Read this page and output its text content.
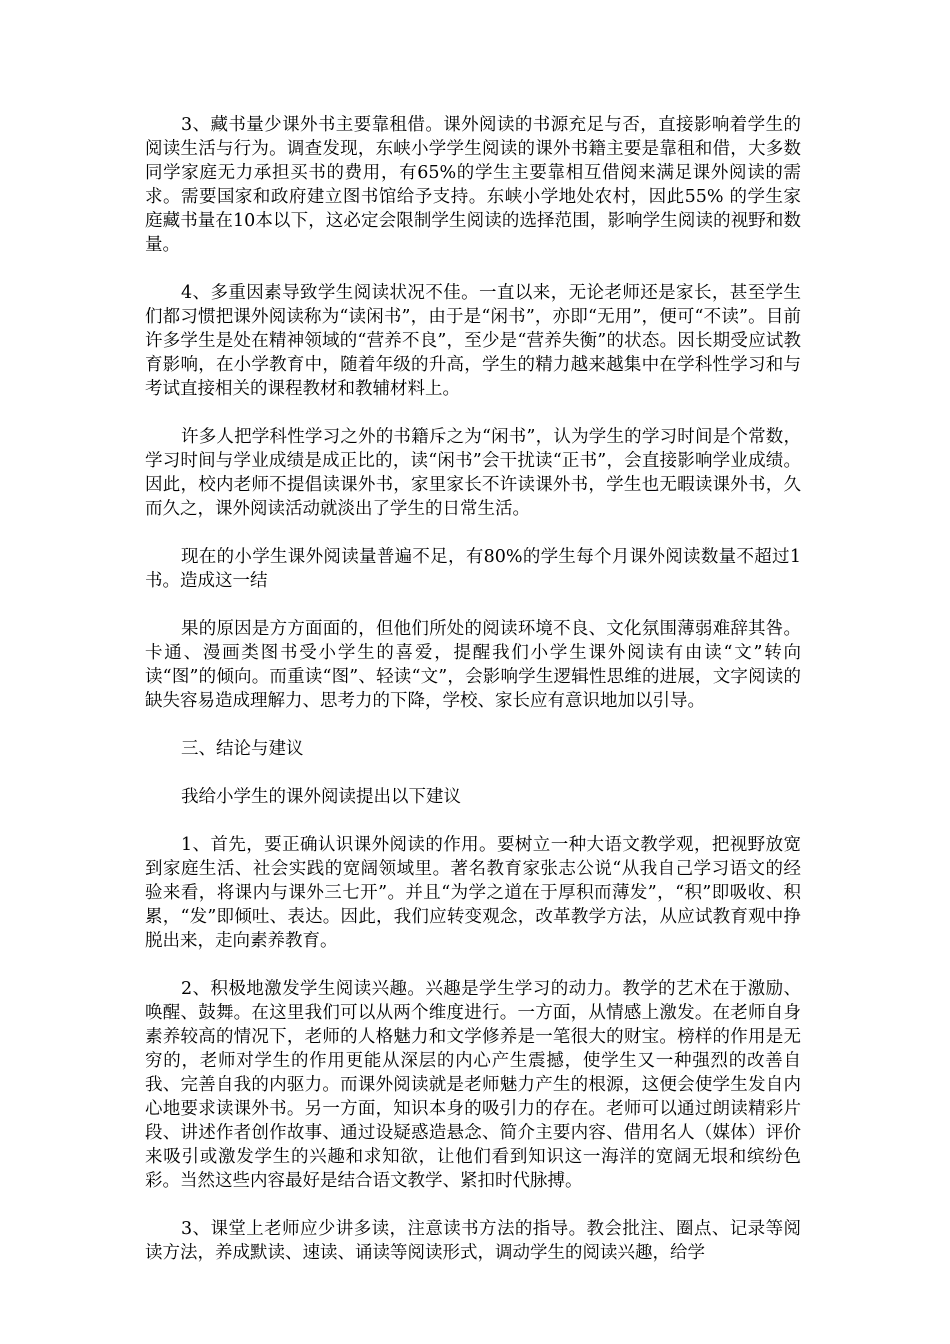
3、藏书量少课外书主要靠租借。课外阅读的书源充足与否，直接影响着学生的阅读生活与行为。调查发现，东峡小学学生阅读的课外书籍主要是靠租和借，大多数同学家庭无力承担买书的费用，有65%的学生主要靠相互借阅来满足课外阅读的需求。需要国家和政府建立图书馆给予支持。东峡小学地处农村，因此55% 的学生家庭藏书量在10本以下，这必定会限制学生阅读的选择范围，影响学生阅读的视野和数量。

4、多重因素导致学生阅读状况不佳。一直以来，无论老师还是家长，甚至学生们都习惯把课外阅读称为“读闲书”，由于是“闲书”，亦即“无用”，便可“不读”。目前许多学生是处在精神领域的“营养不良”，至少是“营养失衡”的状态。因长期受应试教育影响，在小学教育中，随着年级的升高，学生的精力越来越集中在学科性学习和与考试直接相关的课程教材和教辅材料上。

许多人把学科性学习之外的书籍斥之为“闲书”，认为学生的学习时间是个常数，学习时间与学业成绩是成正比的，读“闲书”会干扰读“正书”，会直接影响学业成绩。因此，校内老师不提倡读课外书，家里家长不许读课外书，学生也无暇读课外书，久而久之，课外阅读活动就淡出了学生的日常生活。

现在的小学生课外阅读量普遍不足，有80%的学生每个月课外阅读数量不超过1书。造成这一结

果的原因是方方面面的，但他们所处的阅读环境不良、文化氛围薄弱难辞其咎。卡通、漫画类图书受小学生的喜爱，提醒我们小学生课外阅读有由读“文”转向读“图”的倾向。而重读“图”、轻读“文”，会影响学生逻辑性思维的进展，文字阅读的缺失容易造成理解力、思考力的下降，学校、家长应有意识地加以引导。

三、结论与建议

我给小学生的课外阅读提出以下建议

1、首先，要正确认识课外阅读的作用。要树立一种大语文教学观，把视野放宽到家庭生活、社会实践的宽阔领域里。著名教育家张志公说“从我自己学习语文的经验来看，将课内与课外三七开”。并且“为学之道在于厚积而薄发”，“积”即吸收、积累，“发”即倾吐、表达。因此，我们应转变观念，改革教学方法，从应试教育观中挣脱出来，走向素养教育。

2、积极地激发学生阅读兴趣。兴趣是学生学习的动力。教学的艺术在于激励、唤醒、鼓舞。在这里我们可以从两个维度进行。一方面，从情感上激发。在老师自身素养较高的情况下，老师的人格魅力和文学修养是一笔很大的财宝。榜样的作用是无穷的，老师对学生的作用更能从深层的内心产生震撼，使学生又一种强烈的改善自我、完善自我的内驱力。而课外阅读就是老师魅力产生的根源，这便会使学生发自内心地要求读课外书。另一方面，知识本身的吸引力的存在。老师可以通过朗读精彩片段、讲述作者创作故事、通过设疑惑造悬念、简介主要内容、借用名人（媒体）评价来吸引或激发学生的兴趣和求知欲，让他们看到知识这一海洋的宽阔无垠和缤纷色彩。当然这些内容最好是结合语文教学、紧扣时代脉搏。

3、课堂上老师应少讲多读，注意读书方法的指导。教会批注、圈点、记录等阅读方法，养成默读、速读、诵读等阅读形式，调动学生的阅读兴趣，给学
